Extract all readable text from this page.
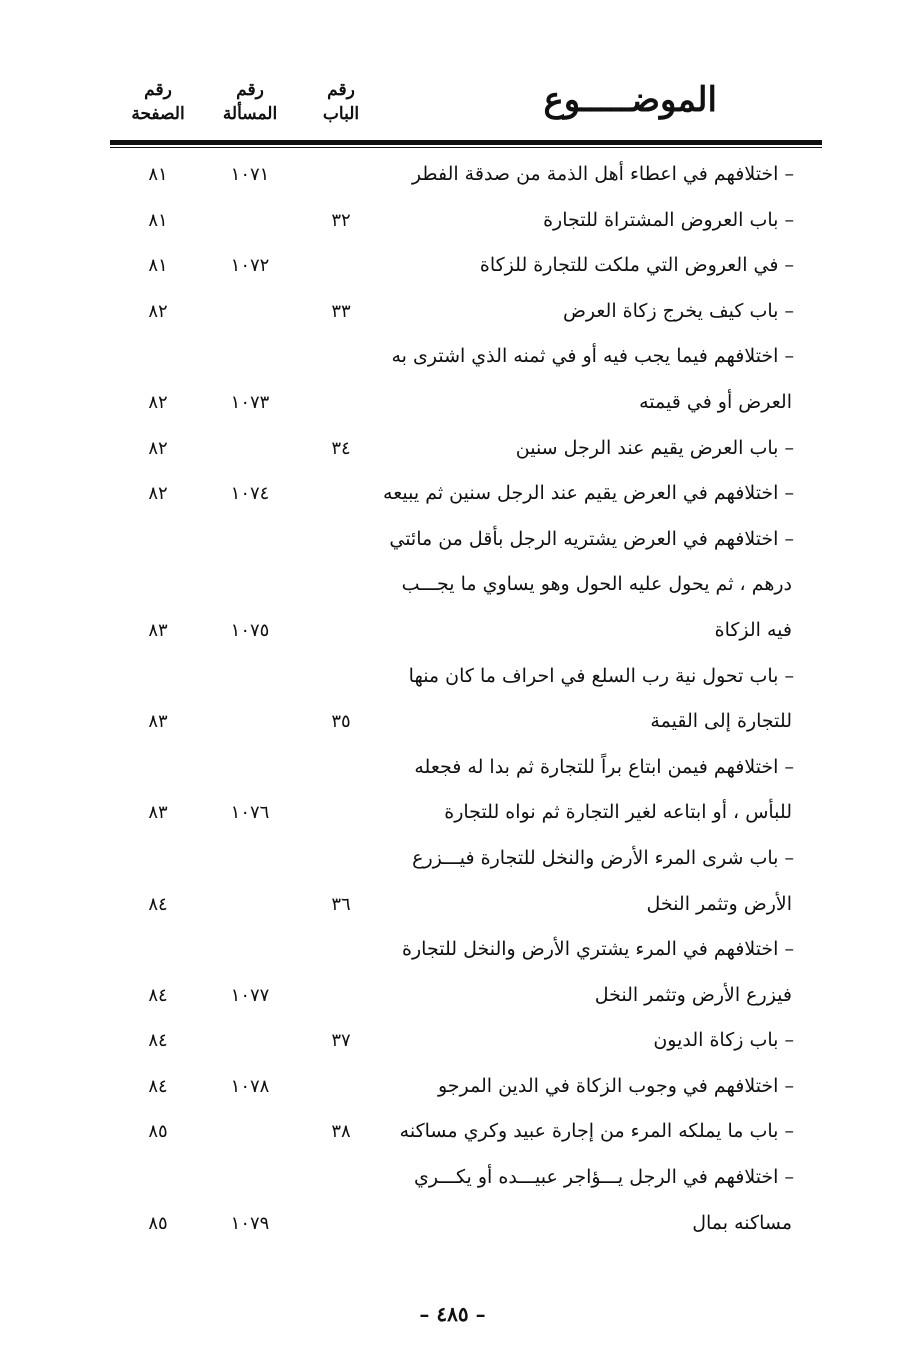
الموضـــــوع
رقم
الباب
رقم
المسألة
رقم
الصفحة
– اختلافهم في اعطاء أهل الذمة من صدقة الفطر
١٠٧١
٨١
– باب العروض المشتراة للتجارة
٣٢
٨١
– في العروض التي ملكت للتجارة للزكاة
١٠٧٢
٨١
– باب كيف يخرج زكاة العرض
٣٣
٨٢
– اختلافهم فيما يجب فيه أو في ثمنه الذي اشترى به
العرض أو في قيمته
١٠٧٣
٨٢
– باب العرض يقيم عند الرجل سنين
٣٤
٨٢
– اختلافهم في العرض يقيم عند الرجل سنين ثم يبيعه
١٠٧٤
٨٢
– اختلافهم في العرض يشتريه الرجل بأقل من مائتي
درهم ، ثم يحول عليه الحول وهو يساوي ما يجـــب
فيه الزكاة
١٠٧٥
٨٣
– باب تحول نية رب السلع في احراف ما كان منها
للتجارة إلى القيمة
٣٥
٨٣
– اختلافهم فيمن ابتاع براً للتجارة ثم بدا له فجعله
للبأس ، أو ابتاعه لغير التجارة ثم نواه للتجارة
١٠٧٦
٨٣
– باب شرى المرء الأرض والنخل للتجارة فيـــزرع
الأرض وتثمر النخل
٣٦
٨٤
– اختلافهم في المرء يشتري الأرض والنخل للتجارة
فيزرع الأرض وتثمر النخل
١٠٧٧
٨٤
– باب زكاة الديون
٣٧
٨٤
– اختلافهم في وجوب الزكاة في الدين المرجو
١٠٧٨
٨٤
– باب ما يملكه المرء من إجارة عبيد وكري مساكنه
٣٨
٨٥
– اختلافهم في الرجل يـــؤاجر عبيـــده أو يكـــري
مساكنه بمال
١٠٧٩
٨٥
– ٤٨٥ –
